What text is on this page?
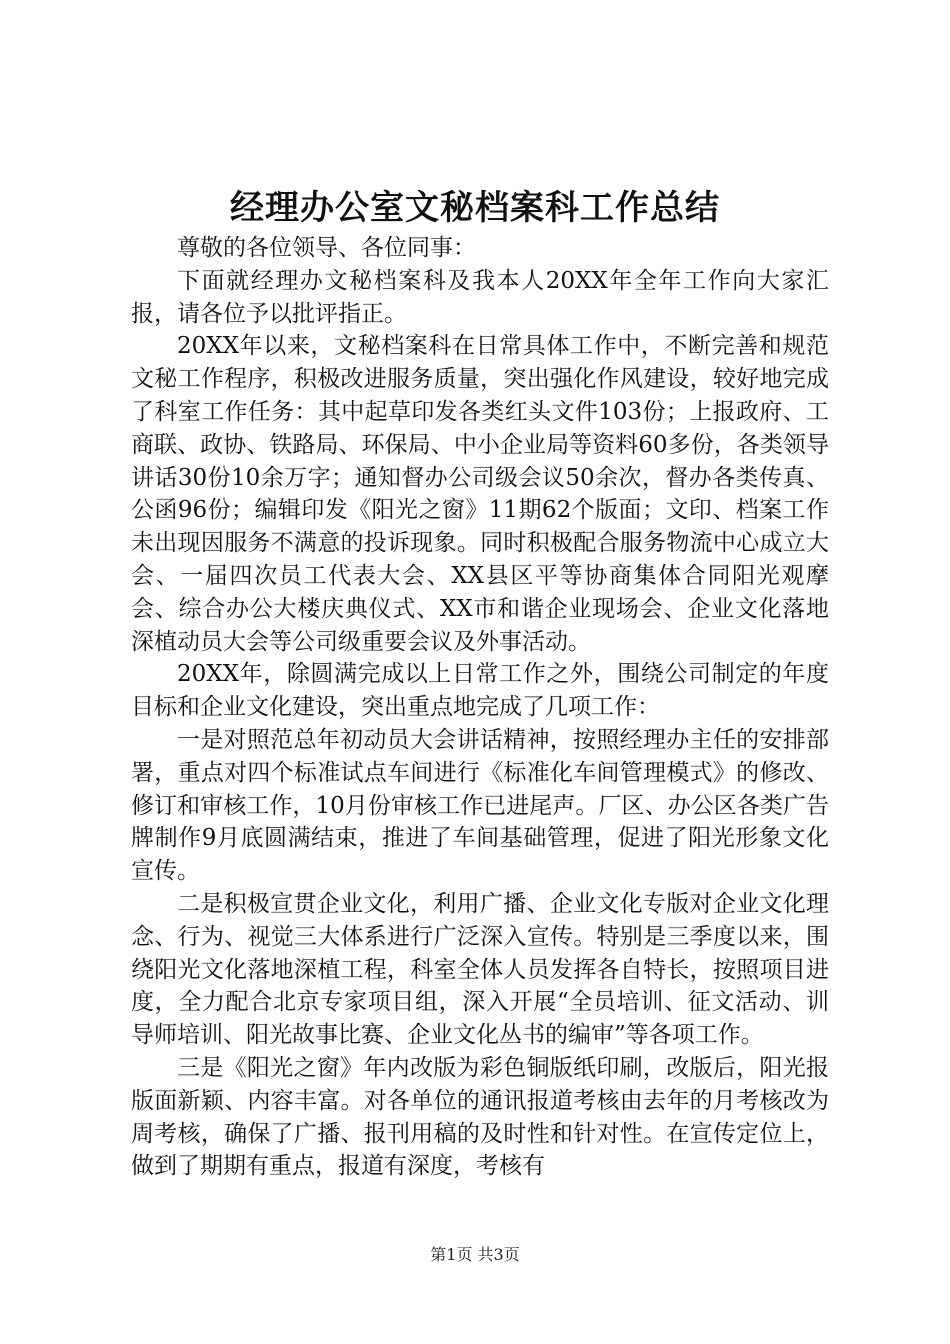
经理办公室文秘档案科工作总结

尊敬的各位领导、各位同事：

下面就经理办文秘档案科及我本人20XX年全年工作向大家汇报，请各位予以批评指正。

20XX年以来，文秘档案科在日常具体工作中，不断完善和规范文秘工作程序，积极改进服务质量，突出强化作风建设，较好地完成了科室工作任务：其中起草印发各类红头文件103份；上报政府、工商联、政协、铁路局、环保局、中小企业局等资料60多份，各类领导讲话30份10余万字；通知督办公司级会议50余次，督办各类传真、公函96份；编辑印发《阳光之窗》11期62个版面；文印、档案工作未出现因服务不满意的投诉现象。同时积极配合服务物流中心成立大会、一届四次员工代表大会、XX县区平等协商集体合同阳光观摩会、综合办公大楼庆典仪式、XX市和谐企业现场会、企业文化落地深植动员大会等公司级重要会议及外事活动。

20XX年，除圆满完成以上日常工作之外，围绕公司制定的年度目标和企业文化建设，突出重点地完成了几项工作：

一是对照范总年初动员大会讲话精神，按照经理办主任的安排部署，重点对四个标准试点车间进行《标准化车间管理模式》的修改、修订和审核工作，10月份审核工作已进尾声。厂区、办公区各类广告牌制作9月底圆满结束，推进了车间基础管理，促进了阳光形象文化宣传。

二是积极宣贯企业文化，利用广播、企业文化专版对企业文化理念、行为、视觉三大体系进行广泛深入宣传。特别是三季度以来，围绕阳光文化落地深植工程，科室全体人员发挥各自特长，按照项目进度，全力配合北京专家项目组，深入开展“全员培训、征文活动、训导师培训、阳光故事比赛、企业文化丛书的编审”等各项工作。

三是《阳光之窗》年内改版为彩色铜版纸印刷，改版后，阳光报版面新颖、内容丰富。对各单位的通讯报道考核由去年的月考核改为周考核，确保了广播、报刊用稿的及时性和针对性。在宣传定位上，做到了期期有重点，报道有深度，考核有

第1页 共3页
